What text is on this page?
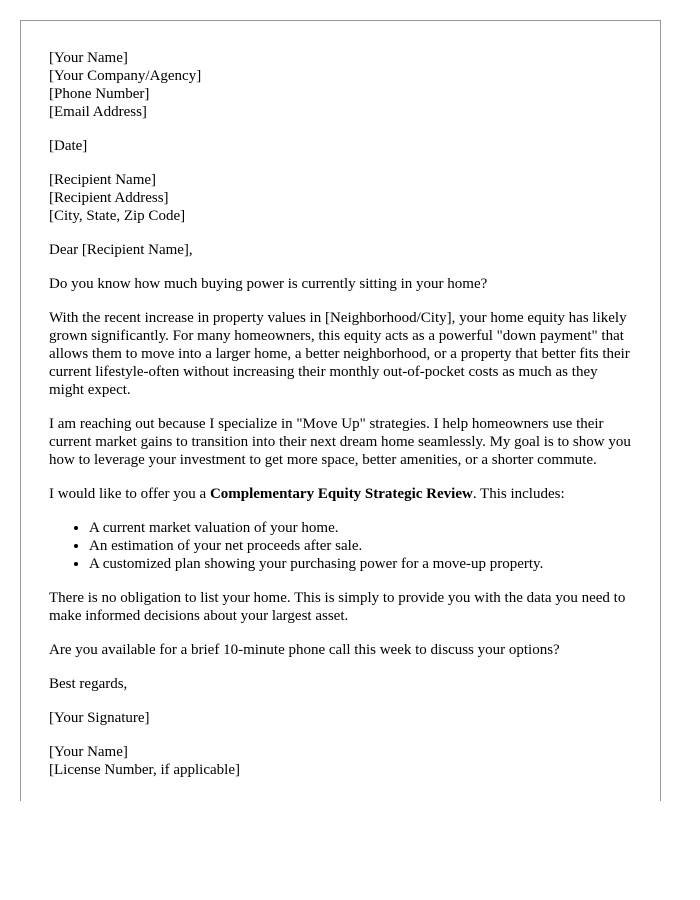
[Your Name]
[Your Company/Agency]
[Phone Number]
[Email Address]
[Date]
[Recipient Name]
[Recipient Address]
[City, State, Zip Code]

Dear [Recipient Name],

Do you know how much buying power is currently sitting in your home?

With the recent increase in property values in [Neighborhood/City], your home equity has likely grown significantly. For many homeowners, this equity acts as a powerful "down payment" that allows them to move into a larger home, a better neighborhood, or a property that better fits their current lifestyle-often without increasing their monthly out-of-pocket costs as much as they might expect.

I am reaching out because I specialize in "Move Up" strategies. I help homeowners use their current market gains to transition into their next dream home seamlessly. My goal is to show you how to leverage your investment to get more space, better amenities, or a shorter commute.

I would like to offer you a Complementary Equity Strategic Review. This includes:

• A current market valuation of your home.
• An estimation of your net proceeds after sale.
• A customized plan showing your purchasing power for a move-up property.

There is no obligation to list your home. This is simply to provide you with the data you need to make informed decisions about your largest asset.

Are you available for a brief 10-minute phone call this week to discuss your options?

Best regards,

[Your Signature]

[Your Name]
[License Number, if applicable]
